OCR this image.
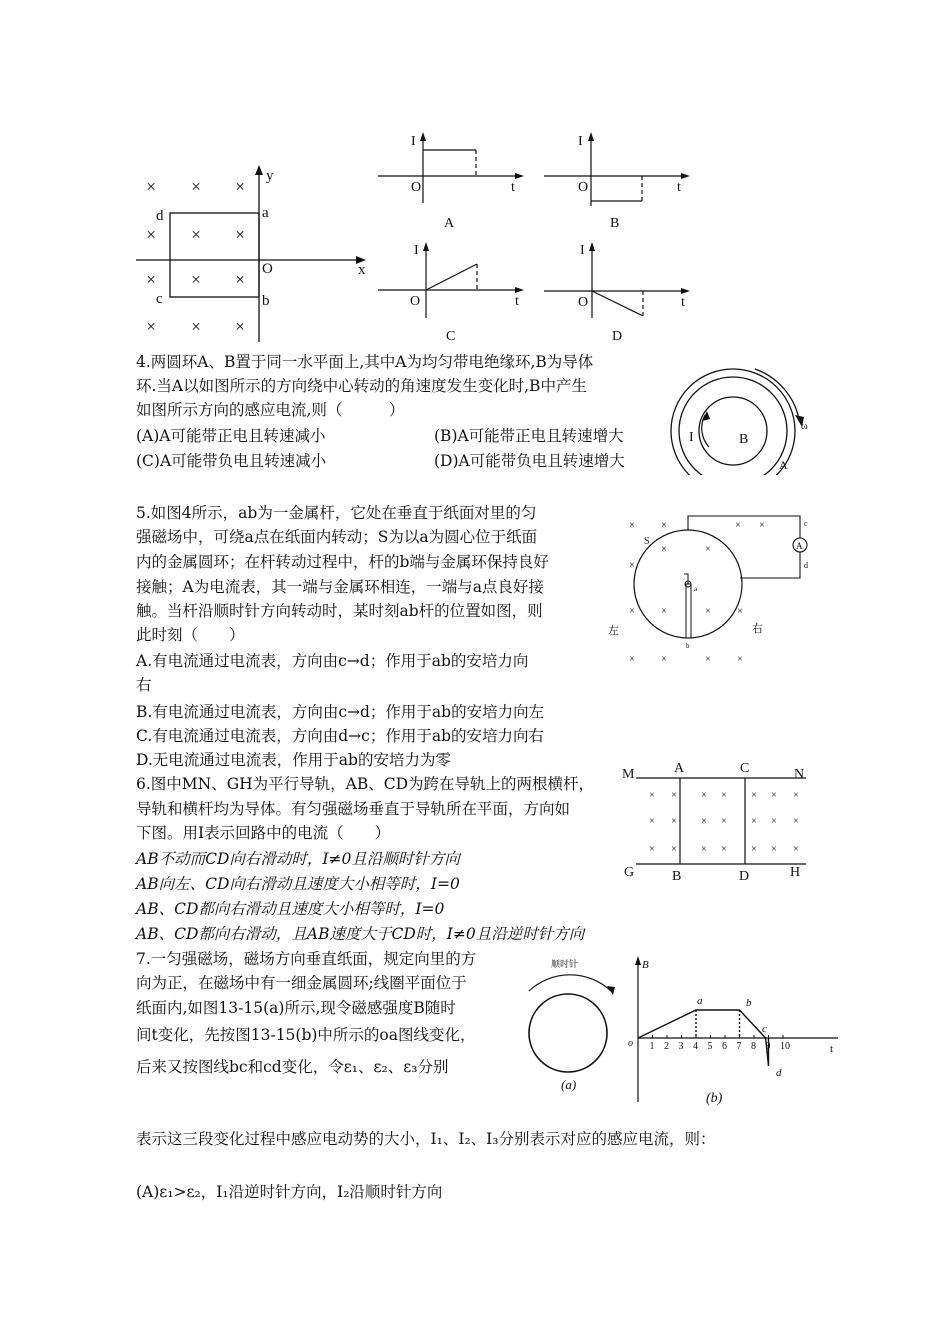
× × ×
× × ×
× × ×
× × ×
y
x
O
a
b
d
c
I
O	t
A
I
O	t
B
I
O	t
C
I
O	t
D
4.两圆环A、B置于同一水平面上,其中A为均匀带电绝缘环,B为导体
环.当A以如图所示的方向绕中心转动的角速度发生变化时,B中产生
如图所示方向的感应电流,则（　　　）
(A)A可能带正电且转速减小	(B)A可能带正电且转速增大
(C)A可能带负电且转速减小	(D)A可能带负电且转速增大
I	B
A
ω
5.如图4所示，ab为一金属杆，它处在垂直于纸面对里的匀
强磁场中，可绕a点在纸面内转动；S为以a为圆心位于纸面
内的金属圆环；在杆转动过程中，杆的b端与金属环保持良好
接触；A为电流表，其一端与金属环相连，一端与a点良好接
触。当杆沿顺时针方向转动时，某时刻ab杆的位置如图，则
此时刻（　　）
A.有电流通过电流表，方向由c→d；作用于ab的安培力向
右
B.有电流通过电流表，方向由c→d；作用于ab的安培力向左
C.有电流通过电流表，方向由d→c；作用于ab的安培力向右
D.无电流通过电流表，作用于ab的安培力为零
×	×	× ×
×
×	×
×	×	×	×
×	×	×	×
S	A
a
b
c
d
左	右
6.图中MN、GH为平行导轨，AB、CD为跨在导轨上的两根横杆，
导轨和横杆均为导体。有匀强磁场垂直于导轨所在平面，方向如
下图。用I表示回路中的电流（　　）
AB不动而CD向右滑动时，I≠0且沿顺时针方向
AB向左、CD向右滑动且速度大小相等时，I=0
AB、CD都向右滑动且速度大小相等时，I=0
AB、CD都向右滑动，且AB速度大于CD时，I≠0且沿逆时针方向
× × × × × × ×
× × × × × × ×
× × × × × × ×
M	N
G	H
A	C
B	D
7.一匀强磁场，磁场方向垂直纸面，规定向里的方
向为正，在磁场中有一细金属圆环;线圈平面位于
纸面内,如图13-15(a)所示,现令磁感强度B随时
间t变化，先按图13-15(b)中所示的oa图线变化，
后来又按图线bc和cd变化，令ε₁、ε₂、ε₃分别
表示这三段变化过程中感应电动势的大小，I₁、I₂、I₃分别表示对应的感应电流，则：
(A)ε₁>ε₂，I₁沿逆时针方向，I₂沿顺时针方向
顺时针
(a)
1 2 3 4 5 6 7 8 9 10
B
t
o
a	b
c
d
(b)
